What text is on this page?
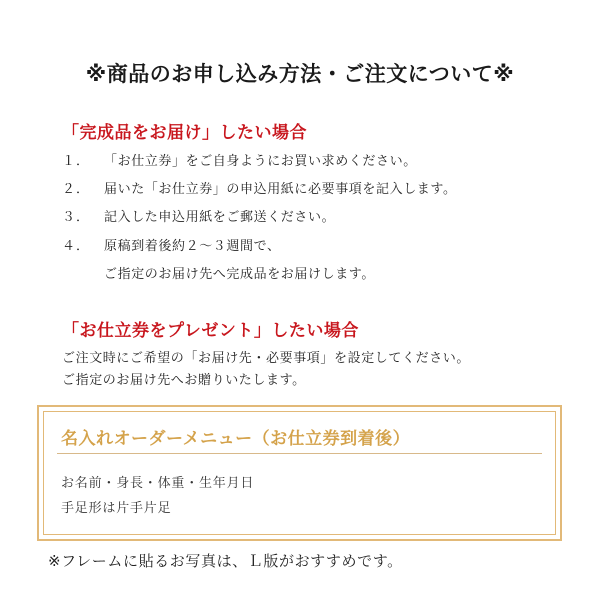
※商品のお申し込み方法・ご注文について※
「完成品をお届け」したい場合
１． 「お仕立券」をご自身ようにお買い求めください。
２． 届いた「お仕立券」の申込用紙に必要事項を記入します。
３． 記入した申込用紙をご郵送ください。
４． 原稿到着後約２～３週間で、
ご指定のお届け先へ完成品をお届けします。
「お仕立券をプレゼント」したい場合
ご注文時にご希望の「お届け先・必要事項」を設定してください。
ご指定のお届け先へお贈りいたします。
名入れオーダーメニュー（お仕立券到着後）
お名前・身長・体重・生年月日
手足形は片手片足
※フレームに貼るお写真は、Ｌ版がおすすめです。
